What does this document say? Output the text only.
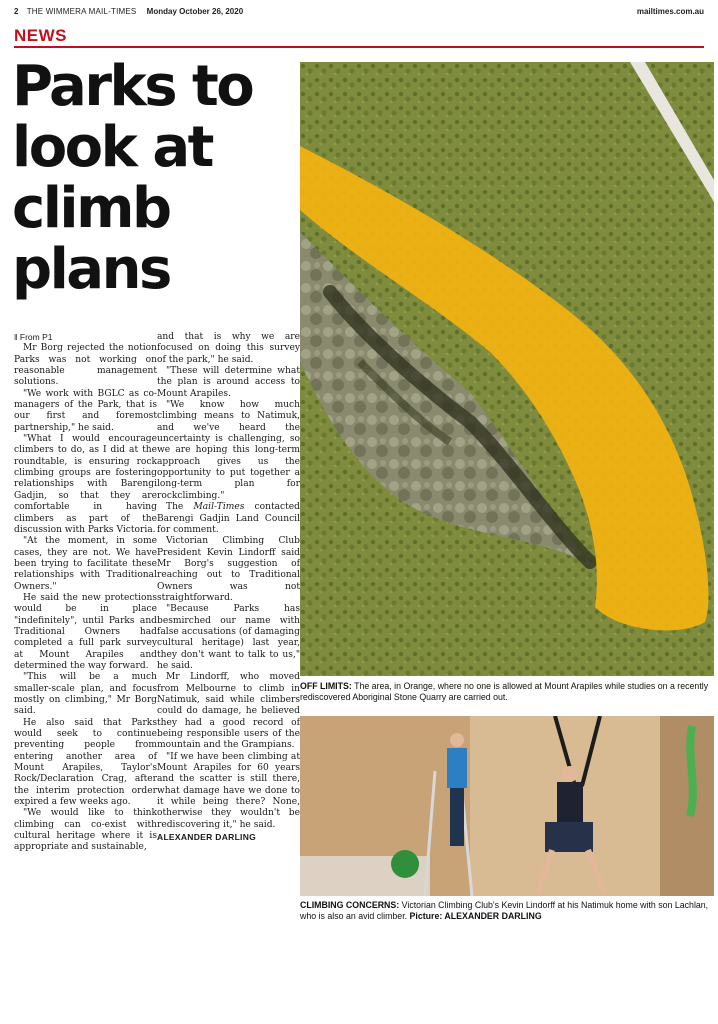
2 THE WIMMERA MAIL-TIMES Monday October 26, 2020	mailtimes.com.au
NEWS
Parks to look at climb plans

‖ From P1

Mr Borg rejected the notion Parks was not working on reasonable management solutions.

"We work with BGLC as co-managers of the Park, that is our first and foremost partnership," he said.

"What I would encourage climbers to do, as I did at the roundtable, is ensuring rock climbing groups are fostering relationships with Barengi Gadjin, so that they are comfortable in having climbers as part of the discussion with Parks Victoria.

"At the moment, in some cases, they are not. We have been trying to facilitate these relationships with Traditional Owners."

He said the new protections would be in place "indefinitely", until Parks and Traditional Owners had completed a full park survey at Mount Arapiles and determined the way forward.

"This will be a much smaller-scale plan, and focus mostly on climbing," Mr Borg said.

He also said that Parks would seek to continue preventing people from entering another area of Mount Arapiles, Taylor's Rock/Declaration Crag, after the interim protection order expired a few weeks ago.

"We would like to think climbing can co-exist with cultural heritage where it is appropriate and sustainable,

and that is why we are focused on doing this survey of the park," he said.

"These will determine what the plan is around access to Mount Arapiles.

"We know how much climbing means to Natimuk, and we've heard the uncertainty is challenging, so we are hoping this long-term approach gives us the opportunity to put together a long-term plan for rockclimbing."

The Mail-Times contacted Barengi Gadjin Land Council for comment.

Victorian Climbing Club President Kevin Lindorff said Mr Borg's suggestion of reaching out to Traditional Owners was not straightforward.

"Because Parks has besmirched our name with false accusations (of damaging cultural heritage) last year, they don't want to talk to us," he said.

Mr Lindorff, who moved from Melbourne to climb in Natimuk, said while climbers could do damage, he believed they had a good record of being responsible users of the mountain and the Grampians.

"If we have been climbing at Mount Arapiles for 60 years and the scatter is still there, what damage have we done to it while being there? None, otherwise they wouldn't be rediscovering it," he said.

ALEXANDER DARLING

OFF LIMITS: The area, in Orange, where no one is allowed at Mount Arapiles while studies on a recently rediscovered Aboriginal Stone Quarry are carried out.
CLIMBING CONCERNS: Victorian Climbing Club's Kevin Lindorff at his Natimuk home with son Lachlan, who is also an avid climber. Picture: ALEXANDER DARLING
